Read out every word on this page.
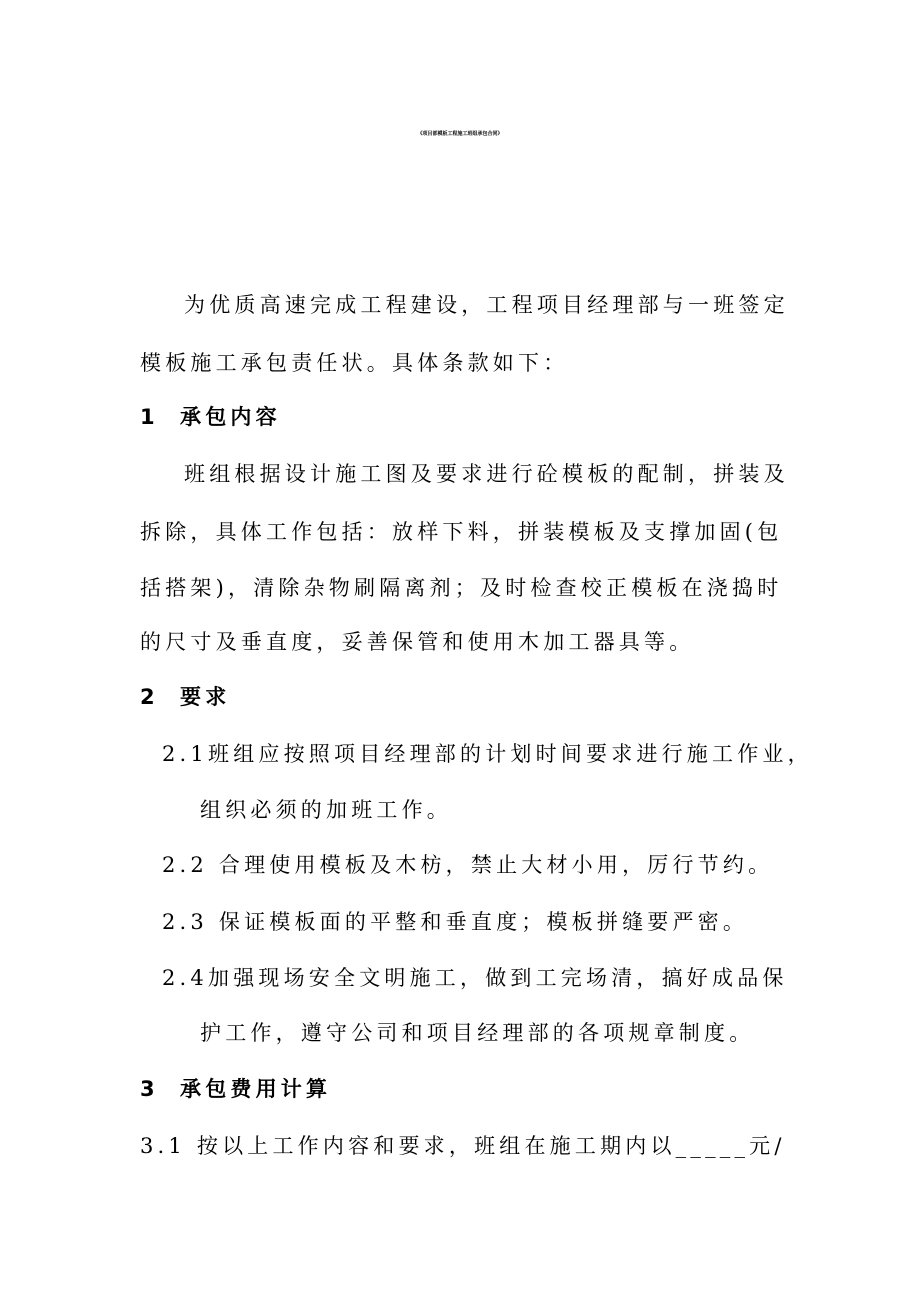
《项目部模板工程施工班组承包合同》
为优质高速完成工程建设，工程项目经理部与一班签定
模板施工承包责任状。具体条款如下：
1 承包内容
班组根据设计施工图及要求进行砼模板的配制，拼装及
拆除，具体工作包括：放样下料，拼装模板及支撑加固(包
括搭架)，清除杂物刷隔离剂；及时检查校正模板在浇捣时
的尺寸及垂直度，妥善保管和使用木加工器具等。
2 要求
2.1班组应按照项目经理部的计划时间要求进行施工作业，
组织必须的加班工作。
2.2 合理使用模板及木枋，禁止大材小用，厉行节约。
2.3 保证模板面的平整和垂直度；模板拼缝要严密。
2.4加强现场安全文明施工，做到工完场清，搞好成品保
护工作，遵守公司和项目经理部的各项规章制度。
3 承包费用计算
3.1 按以上工作内容和要求，班组在施工期内以_____元/
